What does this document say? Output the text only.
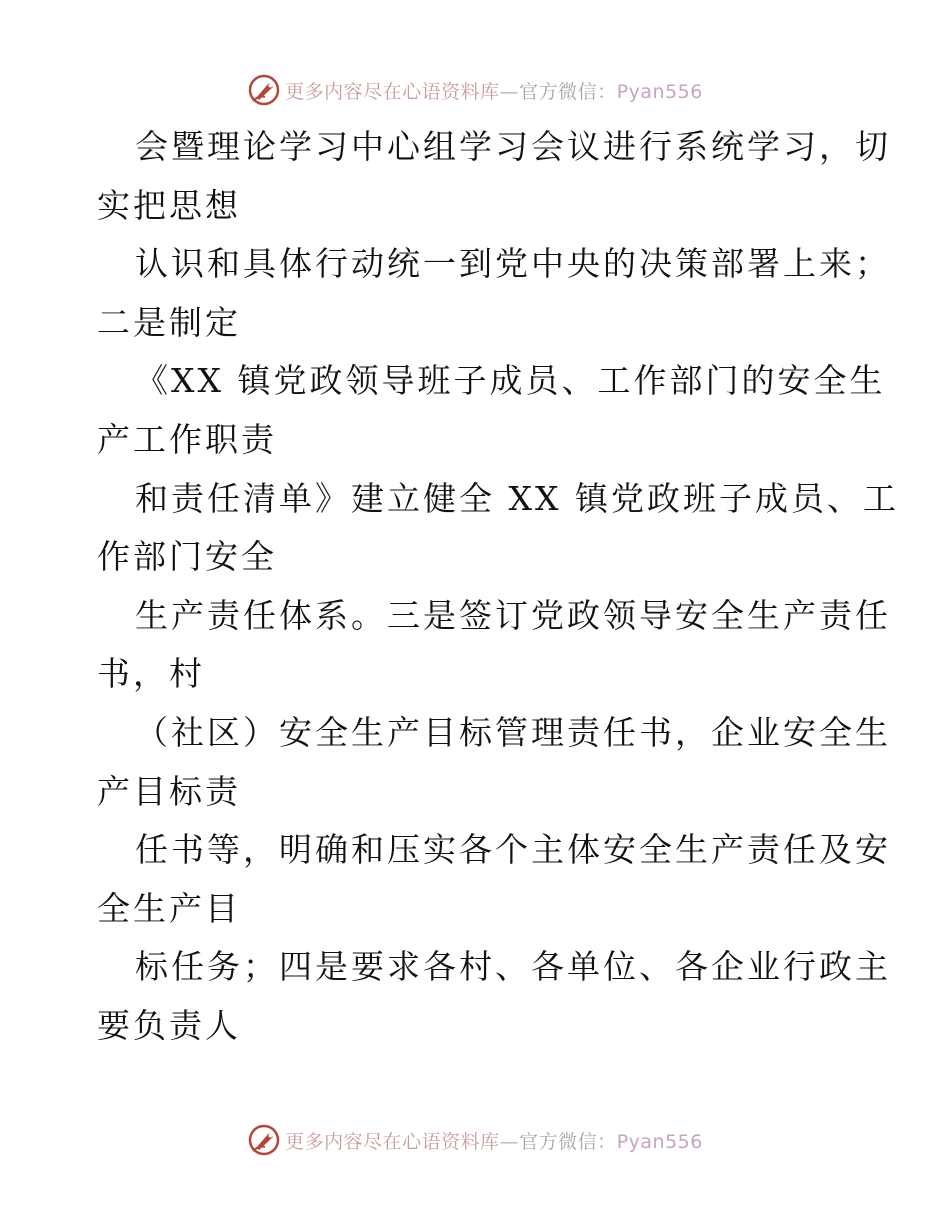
更多内容尽在心语资料库—官方微信：Pyan556
会暨理论学习中心组学习会议进行系统学习，切
实把思想
认识和具体行动统一到党中央的决策部署上来；
二是制定
《XX 镇党政领导班子成员、工作部门的安全生
产工作职责
和责任清单》建立健全 XX 镇党政班子成员、工
作部门安全
生产责任体系。三是签订党政领导安全生产责任
书，村
（社区）安全生产目标管理责任书，企业安全生
产目标责
任书等，明确和压实各个主体安全生产责任及安
全生产目
标任务；四是要求各村、各单位、各企业行政主
要负责人
更多内容尽在心语资料库—官方微信：Pyan556
